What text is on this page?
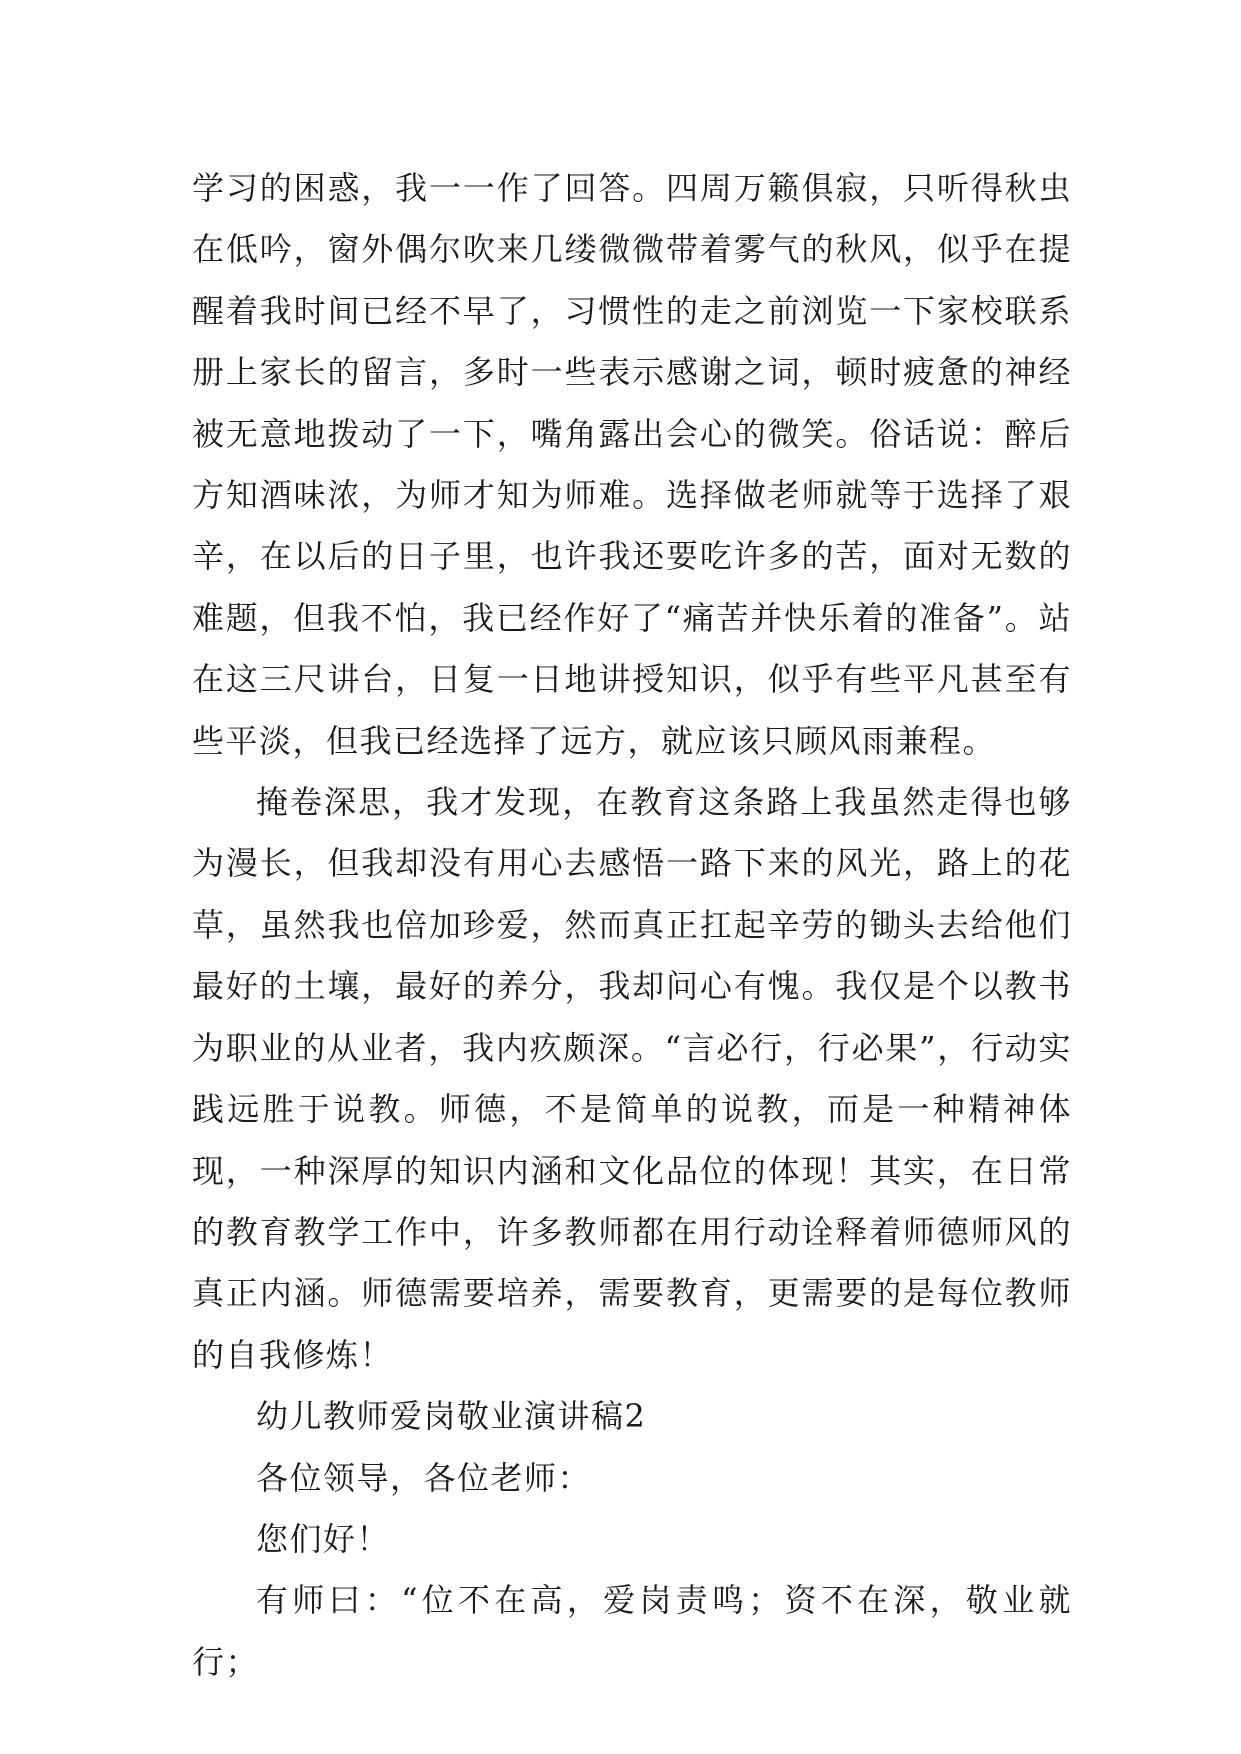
学习的困惑，我一一作了回答。四周万籁俱寂，只听得秋虫在低吟，窗外偶尔吹来几缕微微带着雾气的秋风，似乎在提醒着我时间已经不早了，习惯性的走之前浏览一下家校联系册上家长的留言，多时一些表示感谢之词，顿时疲惫的神经被无意地拨动了一下，嘴角露出会心的微笑。俗话说：醉后方知酒味浓，为师才知为师难。选择做老师就等于选择了艰辛，在以后的日子里，也许我还要吃许多的苦，面对无数的难题，但我不怕，我已经作好了“痛苦并快乐着的准备”。站在这三尺讲台，日复一日地讲授知识，似乎有些平凡甚至有些平淡，但我已经选择了远方，就应该只顾风雨兼程。

掩卷深思，我才发现，在教育这条路上我虽然走得也够为漫长，但我却没有用心去感悟一路下来的风光，路上的花草，虽然我也倍加珍爱，然而真正扛起辛劳的锄头去给他们最好的土壤，最好的养分，我却问心有愧。我仅是个以教书为职业的从业者，我内疚颇深。“言必行，行必果”，行动实践远胜于说教。师德，不是简单的说教，而是一种精神体现，一种深厚的知识内涵和文化品位的体现！其实，在日常的教育教学工作中，许多教师都在用行动诠释着师德师风的真正内涵。师德需要培养，需要教育，更需要的是每位教师的自我修炼！

幼儿教师爱岗敬业演讲稿2

各位领导，各位老师：

您们好！

有师曰：“位不在高，爱岗责鸣；资不在深，敬业就行；
